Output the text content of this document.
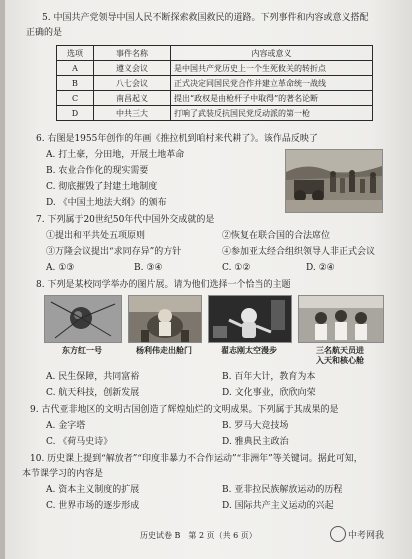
5. 中国共产党领导中国人民不断探索救国救民的道路。下列事件和内容或意义搭配
正确的是
选项	事件名称	内容或意义
A	遵义会议	是中国共产党历史上一个生死攸关的转折点
B	八七会议	正式决定同国民党合作并建立革命统一战线
C	南昌起义	提出“政权是由枪杆子中取得”的著名论断
D	中共三大	打响了武装反抗国民党反动派的第一枪
6. 右图是1955年创作的年画《推拉机到咱村来代耕了》。该作品反映了
A. 打土豪，分田地，开展土地革命
B. 农业合作化的现实需要
C. 彻底摧毁了封建土地制度
D. 《中国土地法大纲》的颁布
7. 下列属于20世纪50年代中国外交成就的是
①提出和平共处五项原则	②恢复在联合国的合法席位
③万隆会议提出“求同存异”的方针	④参加亚太经合组织领导人非正式会议
A. ①③	B. ③④	C. ①②	D. ②④
8. 下列是某校同学举办的图片展。请为他们选择一个恰当的主题
东方红一号	杨利伟走出舱门	翟志刚太空漫步	三名航天员进
入天和核心舱
A. 民生保障，共同富裕	B. 百年大计，教育为本
C. 航天科技，创新发展	D. 文化事业，欣欣向荣
9. 古代亚非地区的文明古国创造了辉煌灿烂的文明成果。下列属于其成果的是
A. 金字塔	B. 罗马大竞技场
C. 《荷马史诗》	D. 雅典民主政治
10. 历史课上提到“解放者”“印度非暴力不合作运动”“非洲年”等关键词。据此可知，
本节课学习的内容是
A. 资本主义制度的扩展	B. 亚非拉民族解放运动的历程
C. 世界市场的逐步形成	D. 国际共产主义运动的兴起
历史试卷 B　第 2 页（共 6 页）	中考网我
